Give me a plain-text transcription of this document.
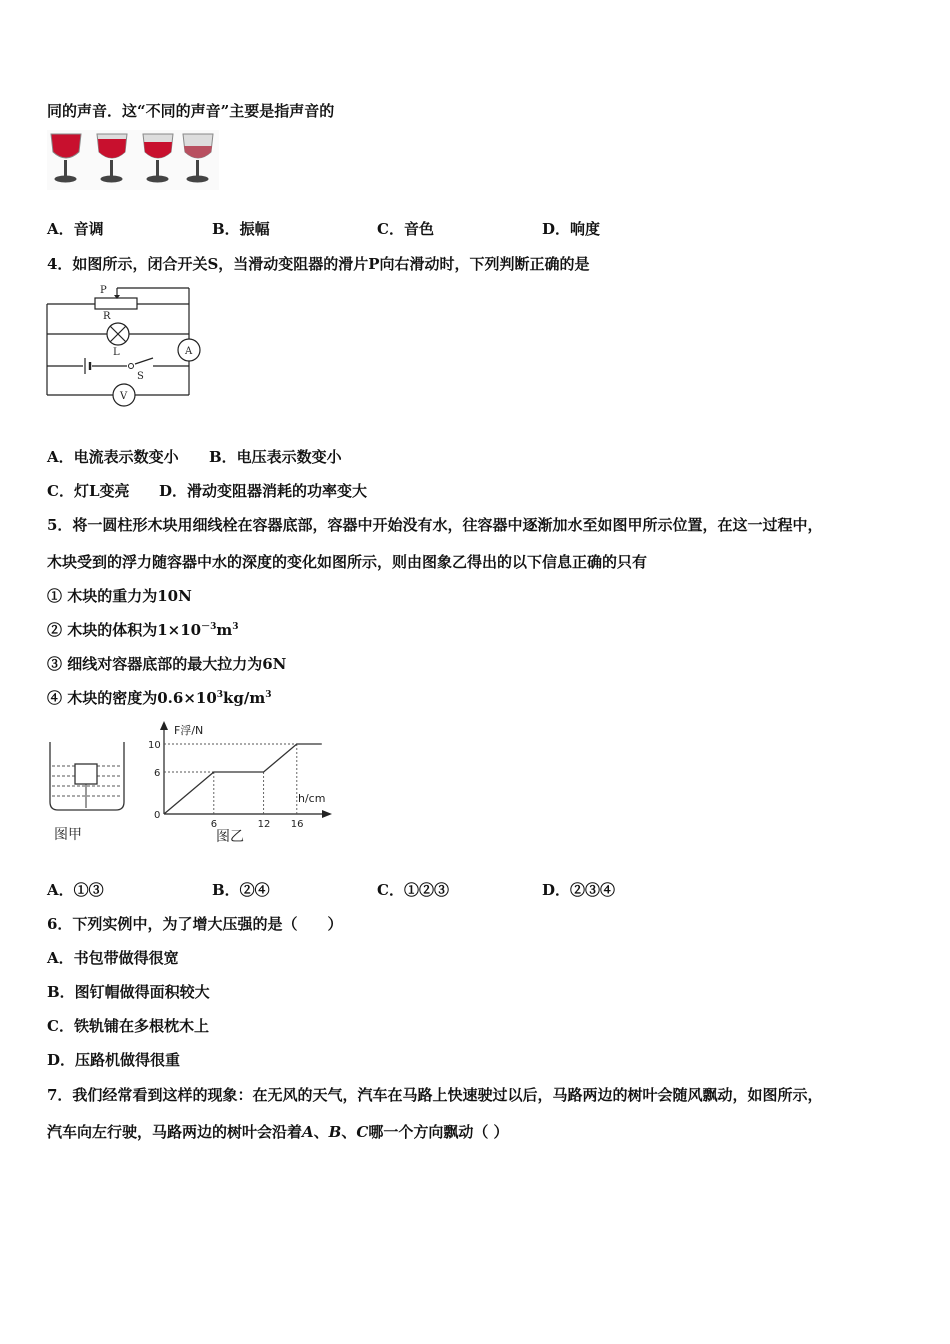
同的声音．这“不同的声音”主要是指声音的
A．音调	B．振幅	C．音色	D．响度
4．如图所示，闭合开关S，当滑动变阻器的滑片P向右滑动时，下列判断正确的是
P
R
L
S
A
V
A．电流表示数变小 B．电压表示数变小
C．灯L变亮 D．滑动变阻器消耗的功率变大
5．将一圆柱形木块用细线栓在容器底部，容器中开始没有水，往容器中逐渐加水至如图甲所示位置，在这一过程中，
木块受到的浮力随容器中水的深度的变化如图所示，则由图象乙得出的以下信息正确的只有
① 木块的重力为10N
② 木块的体积为$1\times 10^{-3}m^3$
③ 细线对容器底部的最大拉力为6N
④ 木块的密度为$0.6\times 10^3kg/m^3$
图甲
0
6	12 16
6
10
F浮/N
h/cm
图乙
A．①③	B．②④	C．①②③	D．②③④
6．下列实例中，为了增大压强的是（　　）
A．书包带做得很宽
B．图钉帽做得面积较大
C．铁轨铺在多根枕木上
D．压路机做得很重
7．我们经常看到这样的现象：在无风的天气，汽车在马路上快速驶过以后，马路两边的树叶会随风飘动，如图所示，
汽车向左行驶，马路两边的树叶会沿着A、B、C哪一个方向飘动（ ）
